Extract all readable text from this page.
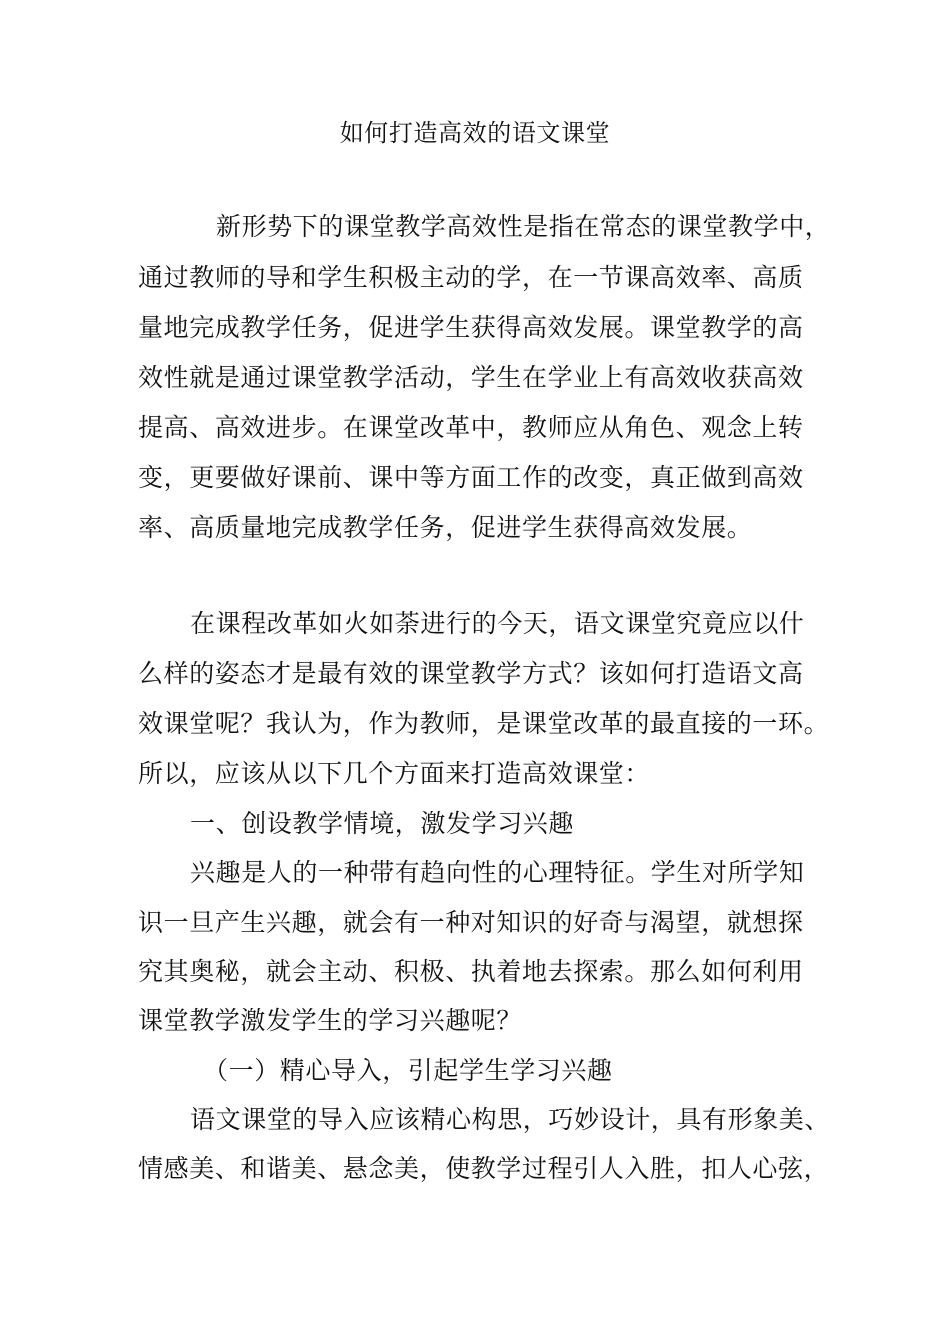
如何打造高效的语文课堂
新形势下的课堂教学高效性是指在常态的课堂教学中，
通过教师的导和学生积极主动的学，在一节课高效率、高质
量地完成教学任务，促进学生获得高效发展。课堂教学的高
效性就是通过课堂教学活动，学生在学业上有高效收获高效
提高、高效进步。在课堂改革中，教师应从角色、观念上转
变，更要做好课前、课中等方面工作的改变，真正做到高效
率、高质量地完成教学任务，促进学生获得高效发展。
在课程改革如火如荼进行的今天，语文课堂究竟应以什
么样的姿态才是最有效的课堂教学方式？该如何打造语文高
效课堂呢？我认为，作为教师，是课堂改革的最直接的一环。
所以，应该从以下几个方面来打造高效课堂：
一、创设教学情境，激发学习兴趣
兴趣是人的一种带有趋向性的心理特征。学生对所学知
识一旦产生兴趣，就会有一种对知识的好奇与渴望，就想探
究其奥秘，就会主动、积极、执着地去探索。那么如何利用
课堂教学激发学生的学习兴趣呢？
（一）精心导入，引起学生学习兴趣
语文课堂的导入应该精心构思，巧妙设计，具有形象美、
情感美、和谐美、悬念美，使教学过程引人入胜，扣人心弦，
